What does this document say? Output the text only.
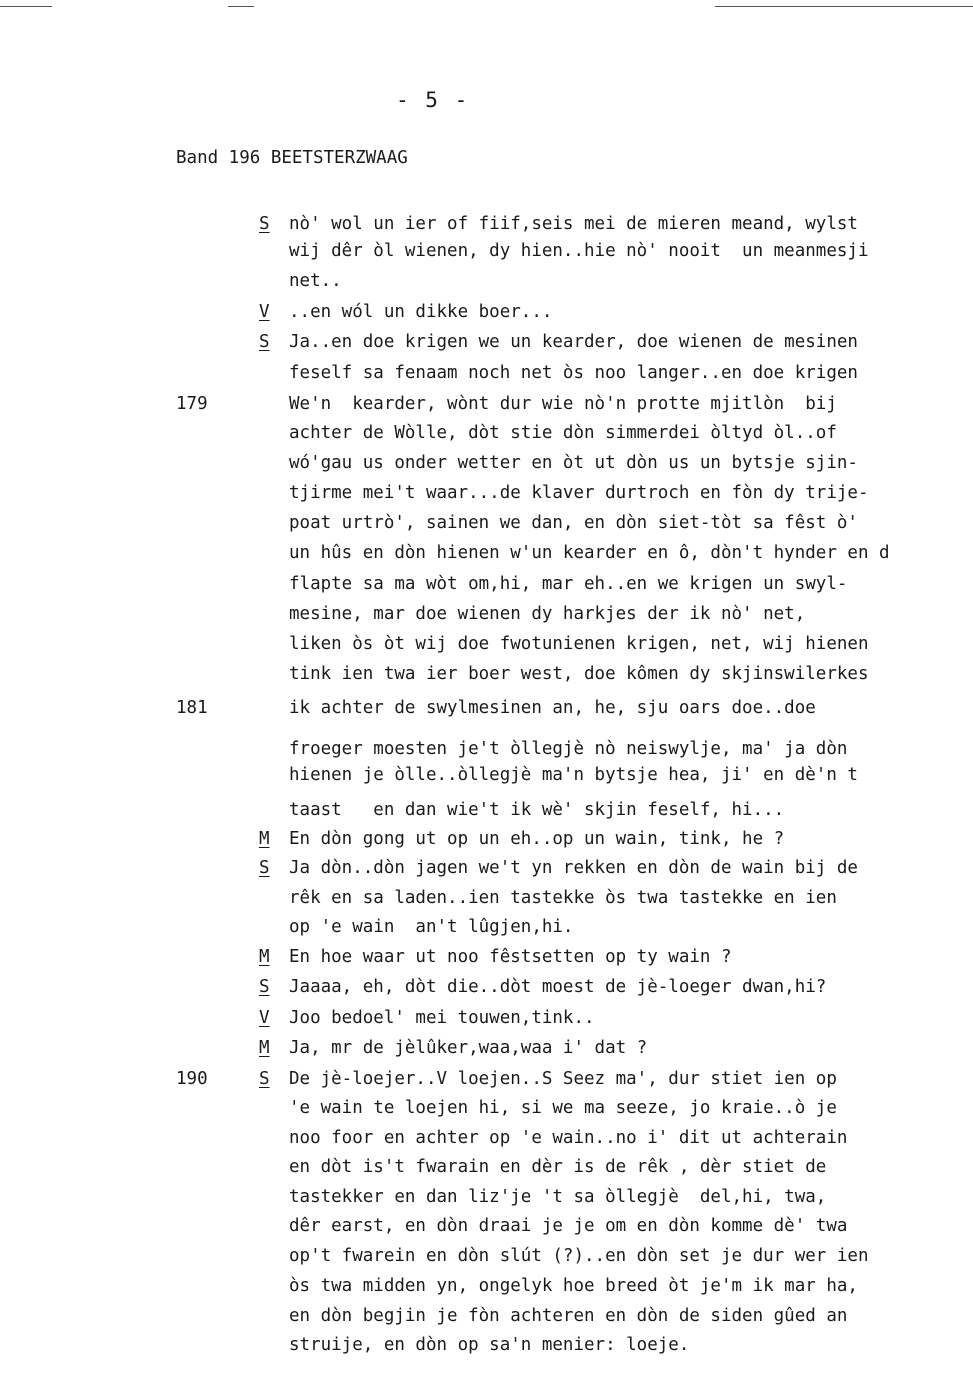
- 5 -
Band 196 BEETSTERZWAAG
179
181
190
S nò' wol un ier of fiif,seis mei de mieren meand, wylst
wij dêr òl wienen, dy hien..hie nò' nooit  un meanmesji
net..
V ..en wól un dikke boer...
S Ja..en doe krigen we un kearder, doe wienen de mesinen
feself sa fenaam noch net òs noo langer..en doe krigen
We'n  kearder, wònt dur wie nò'n protte mjitlòn  bij
achter de Wòlle, dòt stie dòn simmerdei òltyd òl..of
wó'gau us onder wetter en òt ut dòn us un bytsje sjin-
tjirme mei't waar...de klaver durtroch en fòn dy trije-
poat urtrò', sainen we dan, en dòn siet-tòt sa fêst ò'
un hûs en dòn hienen w'un kearder en ô, dòn't hynder en d
flapte sa ma wòt om,hi, mar eh..en we krigen un swyl-
mesine, mar doe wienen dy harkjes der ik nò' net,
liken òs òt wij doe fwotunienen krigen, net, wij hienen
tink ien twa ier boer west, doe kômen dy skjinswilerkes
ik achter de swylmesinen an, he, sju oars doe..doe
froeger moesten je't òllegjè nò neiswylje, ma' ja dòn
hienen je òlle..òllegjè ma'n bytsje hea, ji' en dè'n t
taast   en dan wie't ik wè' skjin feself, hi...
M En dòn gong ut op un eh..op un wain, tink, he ?
S Ja dòn..dòn jagen we't yn rekken en dòn de wain bij de
rêk en sa laden..ien tastekke òs twa tastekke en ien
op 'e wain  an't lûgjen,hi.
M En hoe waar ut noo fêstsetten op ty wain ?
S Jaaaa, eh, dòt die..dòt moest de jè-loeger dwan,hi?
V Joo bedoel' mei touwen,tink..
M Ja, mr de jèlûker,waa,waa i' dat ?
S De jè-loejer..V loejen..S Seez ma', dur stiet ien op
'e wain te loejen hi, si we ma seeze, jo kraie..ò je
noo foor en achter op 'e wain..no i' dit ut achterain
en dòt is't fwarain en dèr is de rêk , dèr stiet de
tastekker en dan liz'je 't sa òllegjè  del,hi, twa,
dêr earst, en dòn draai je je om en dòn komme dè' twa
op't fwarein en dòn slút (?)..en dòn set je dur wer ien
òs twa midden yn, ongelyk hoe breed òt je'm ik mar ha,
en dòn begjin je fòn achteren en dòn de siden gûed an
struije, en dòn op sa'n menier: loeje.
